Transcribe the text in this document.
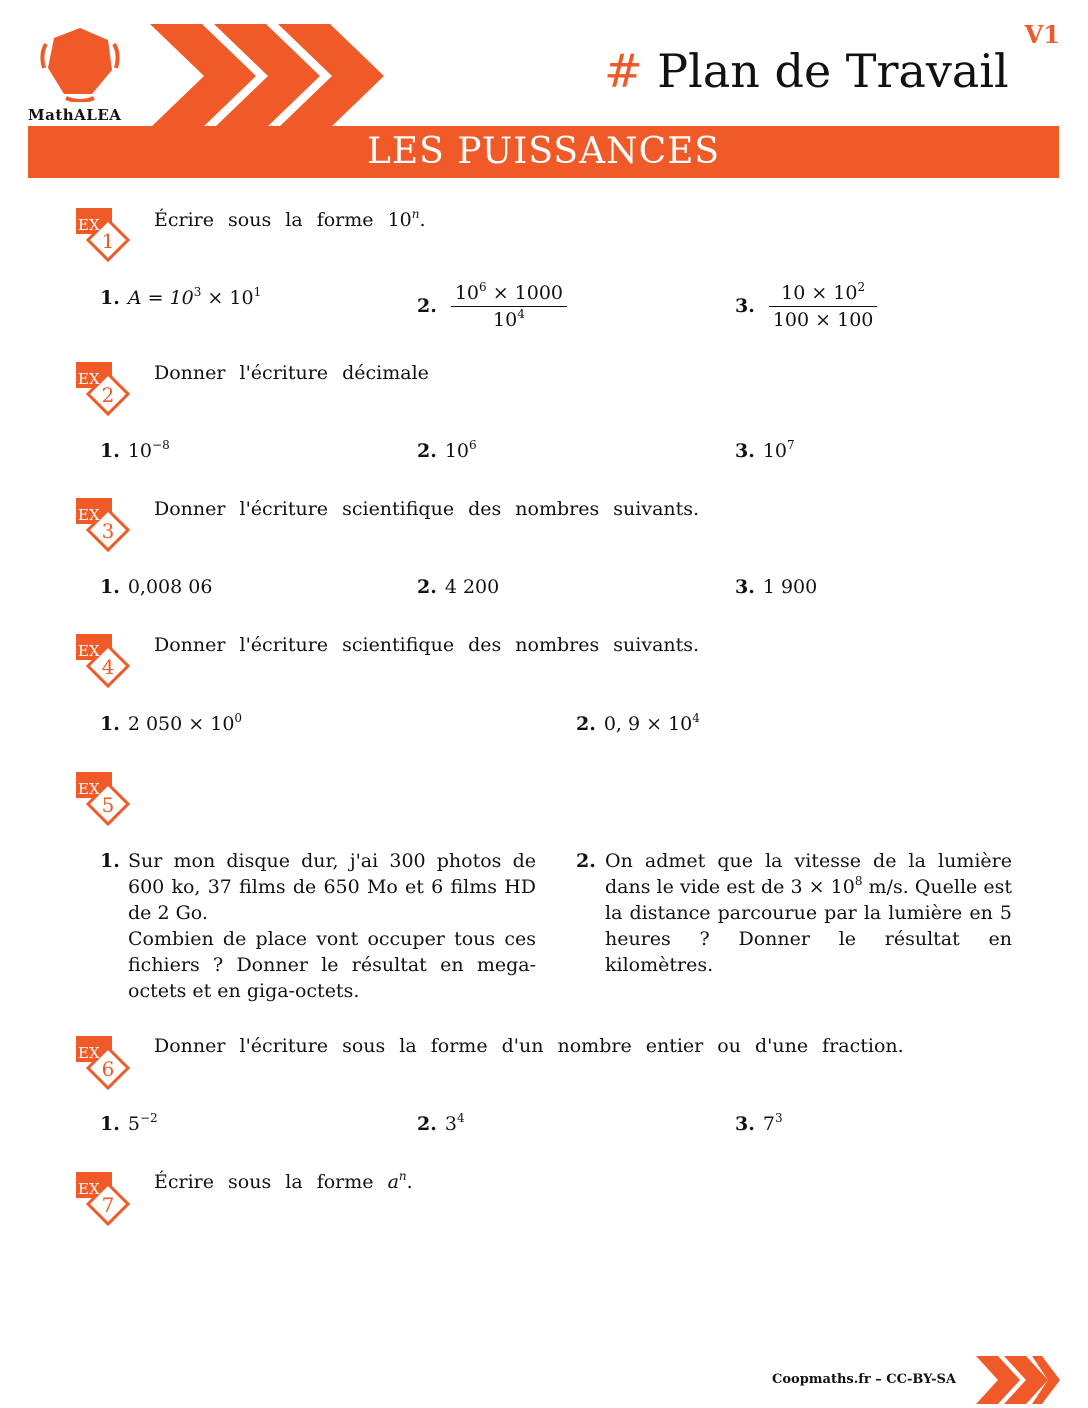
MathALEA
V1
# Plan de Travail
LES PUISSANCES
EX
1
EX
2
EX
3
EX
4
EX
5
EX
6
EX
7
Écrire sous la forme 10$^n$.
1. $A = 10^3 \times 10^1$
2. $\frac{10^6 \times 1000}{10^4}$	3. $\frac{10 \times 10^2}{100 \times 100}$
Donner l'écriture décimale
1. $10^{-8}$	2. $10^6$	3. $10^7$
Donner l'écriture scientifique des nombres suivants.
1. 0,008 06	2. 4 200	3. 1 900
Donner l'écriture scientifique des nombres suivants.
1. 2 $050 \times 10^0$	2. 0, $9 \times 10^4$
1. Sur mon disque dur, j'ai 300 photos de 600 ko, 37 films de 650 Mo et 6 films HD de 2 Go.
Combien de place vont occuper tous ces fichiers ? Donner le résultat en mega-octets et en giga-octets.
2. On admet que la vitesse de la lumière dans le vide est de $3 \times 10^8$ m/s. Quelle est la distance parcourue par la lumière en 5 heures ? Donner le résultat en kilomètres.
Donner l'écriture sous la forme d'un nombre entier ou d'une fraction.
1. $5^{-2}$	2. $3^4$	3. $7^3$
Écrire sous la forme $a^n$.
Coopmaths.fr – CC-BY-SA
